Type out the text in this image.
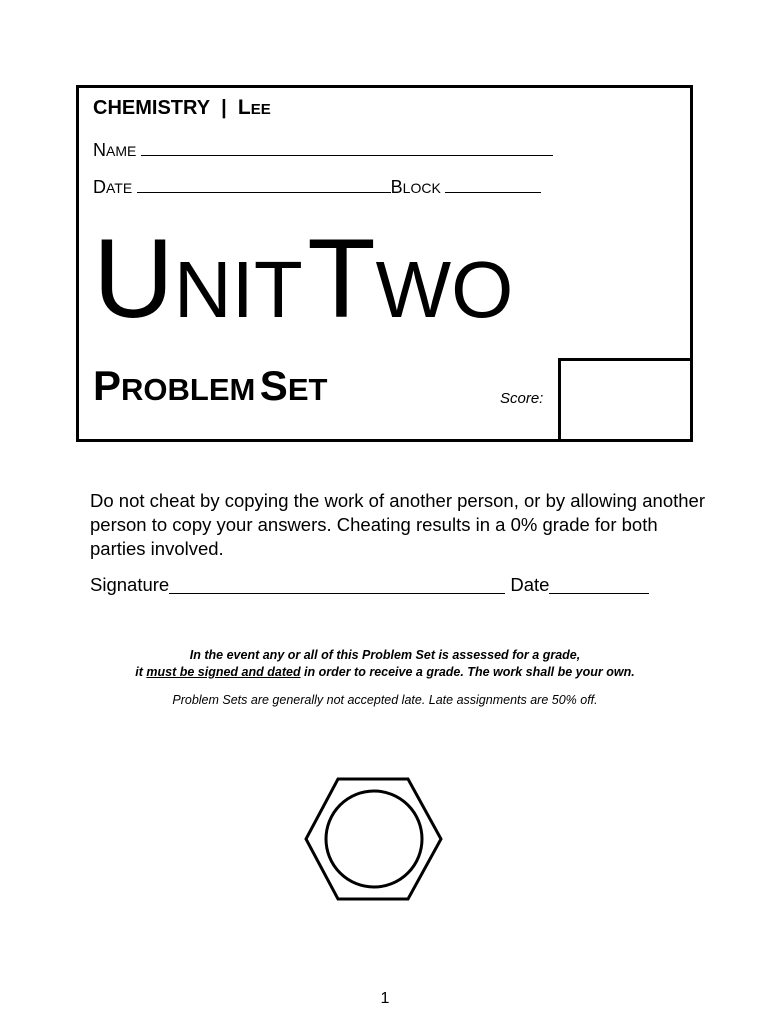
CHEMISTRY | LEE
NAME
DATE	BLOCK
UNIT TWO
PROBLEM SET	Score:
Do not cheat by copying the work of another person, or by allowing another person to copy your answers. Cheating results in a 0% grade for both parties involved.
Signature	Date
In the event any or all of this Problem Set is assessed for a grade,
it must be signed and dated in order to receive a grade. The work shall be your own.
Problem Sets are generally not accepted late. Late assignments are 50% off.
1
